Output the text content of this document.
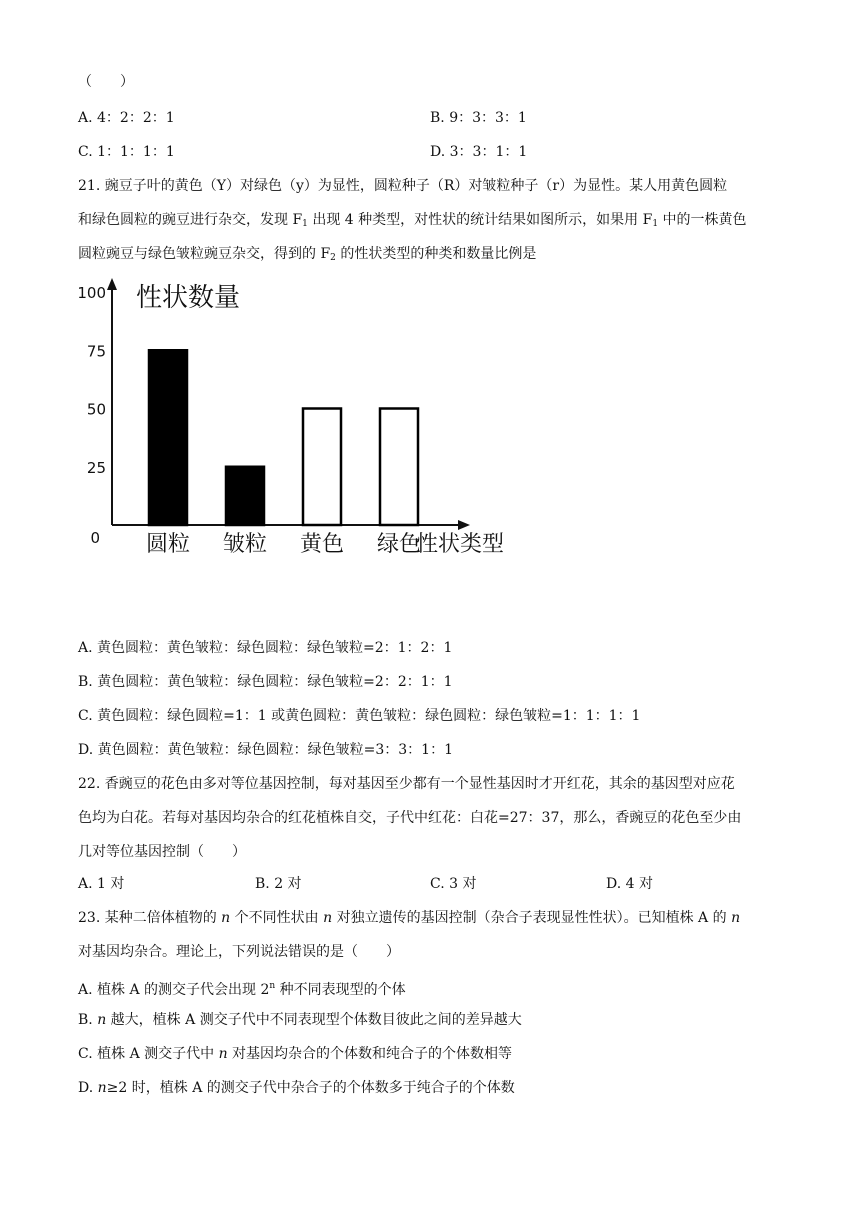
（　　）
A. 4：2：2：1	B. 9：3：3：1
C. 1：1：1：1	D. 3：3：1：1
21. 豌豆子叶的黄色（Y）对绿色（y）为显性，圆粒种子（R）对皱粒种子（r）为显性。某人用黄色圆粒
和绿色圆粒的豌豆进行杂交，发现 $F_1$ 出现 4 种类型，对性状的统计结果如图所示，如果用 $F_1$ 中的一株黄色
圆粒豌豆与绿色皱粒豌豆杂交，得到的 $F_2$ 的性状类型的种类和数量比例是
性状数量
0
25
50
75
100
圆粒 皱粒 黄色 绿色
性状类型
A. 黄色圆粒：黄色皱粒：绿色圆粒：绿色皱粒=2：1：2：1
B. 黄色圆粒：黄色皱粒：绿色圆粒：绿色皱粒=2：2：1：1
C. 黄色圆粒：绿色圆粒=1：1 或黄色圆粒：黄色皱粒：绿色圆粒：绿色皱粒=1：1：1：1
D. 黄色圆粒：黄色皱粒：绿色圆粒：绿色皱粒=3：3：1：1
22. 香豌豆的花色由多对等位基因控制，每对基因至少都有一个显性基因时才开红花，其余的基因型对应花
色均为白花。若每对基因均杂合的红花植株自交，子代中红花：白花=27：37，那么，香豌豆的花色至少由
几对等位基因控制（　　）
A. 1 对	B. 2 对	C. 3 对	D. 4 对
23. 某种二倍体植物的 n 个不同性状由 n 对独立遗传的基因控制（杂合子表现显性性状）。已知植株 A 的 n
对基因均杂合。理论上，下列说法错误的是（　　）
A. 植株 A 的测交子代会出现 2$^n$ 种不同表现型的个体
B. n 越大，植株 A 测交子代中不同表现型个体数目彼此之间的差异越大
C. 植株 A 测交子代中 n 对基因均杂合的个体数和纯合子的个体数相等
D. n≥2 时，植株 A 的测交子代中杂合子的个体数多于纯合子的个体数
